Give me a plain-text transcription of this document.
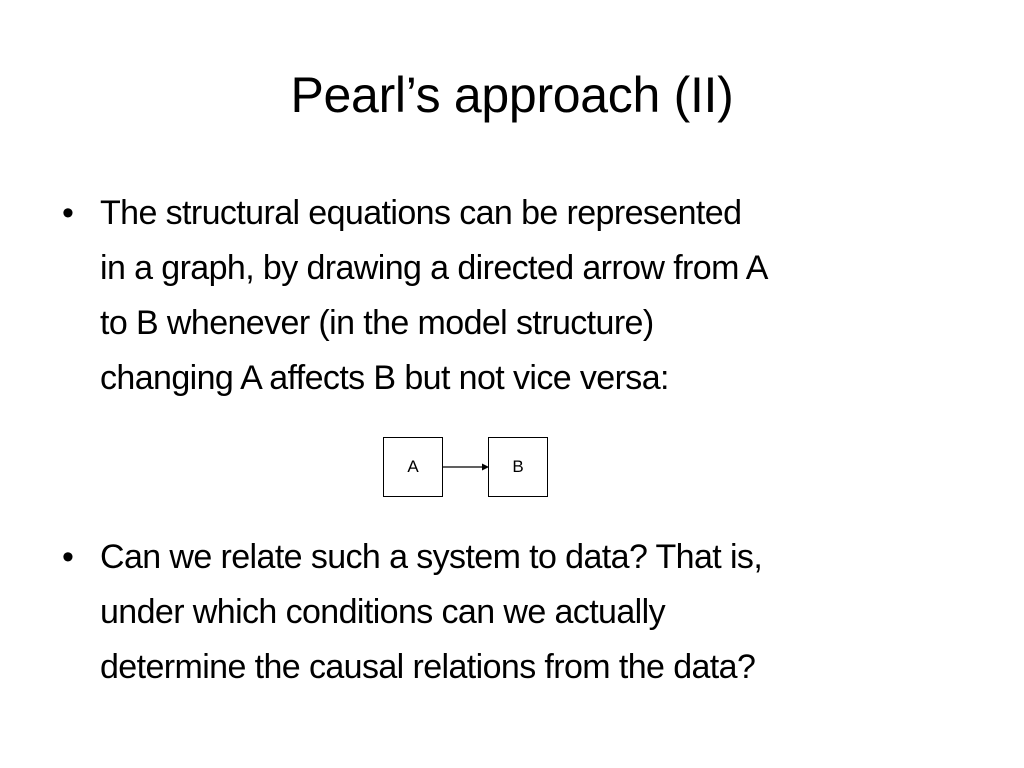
Pearl’s approach (II)
• The structural equations can be represented
in a graph, by drawing a directed arrow from A
to B whenever (in the model structure)
changing A affects B but not vice versa:
A	B
• Can we relate such a system to data? That is,
under which conditions can we actually
determine the causal relations from the data?
